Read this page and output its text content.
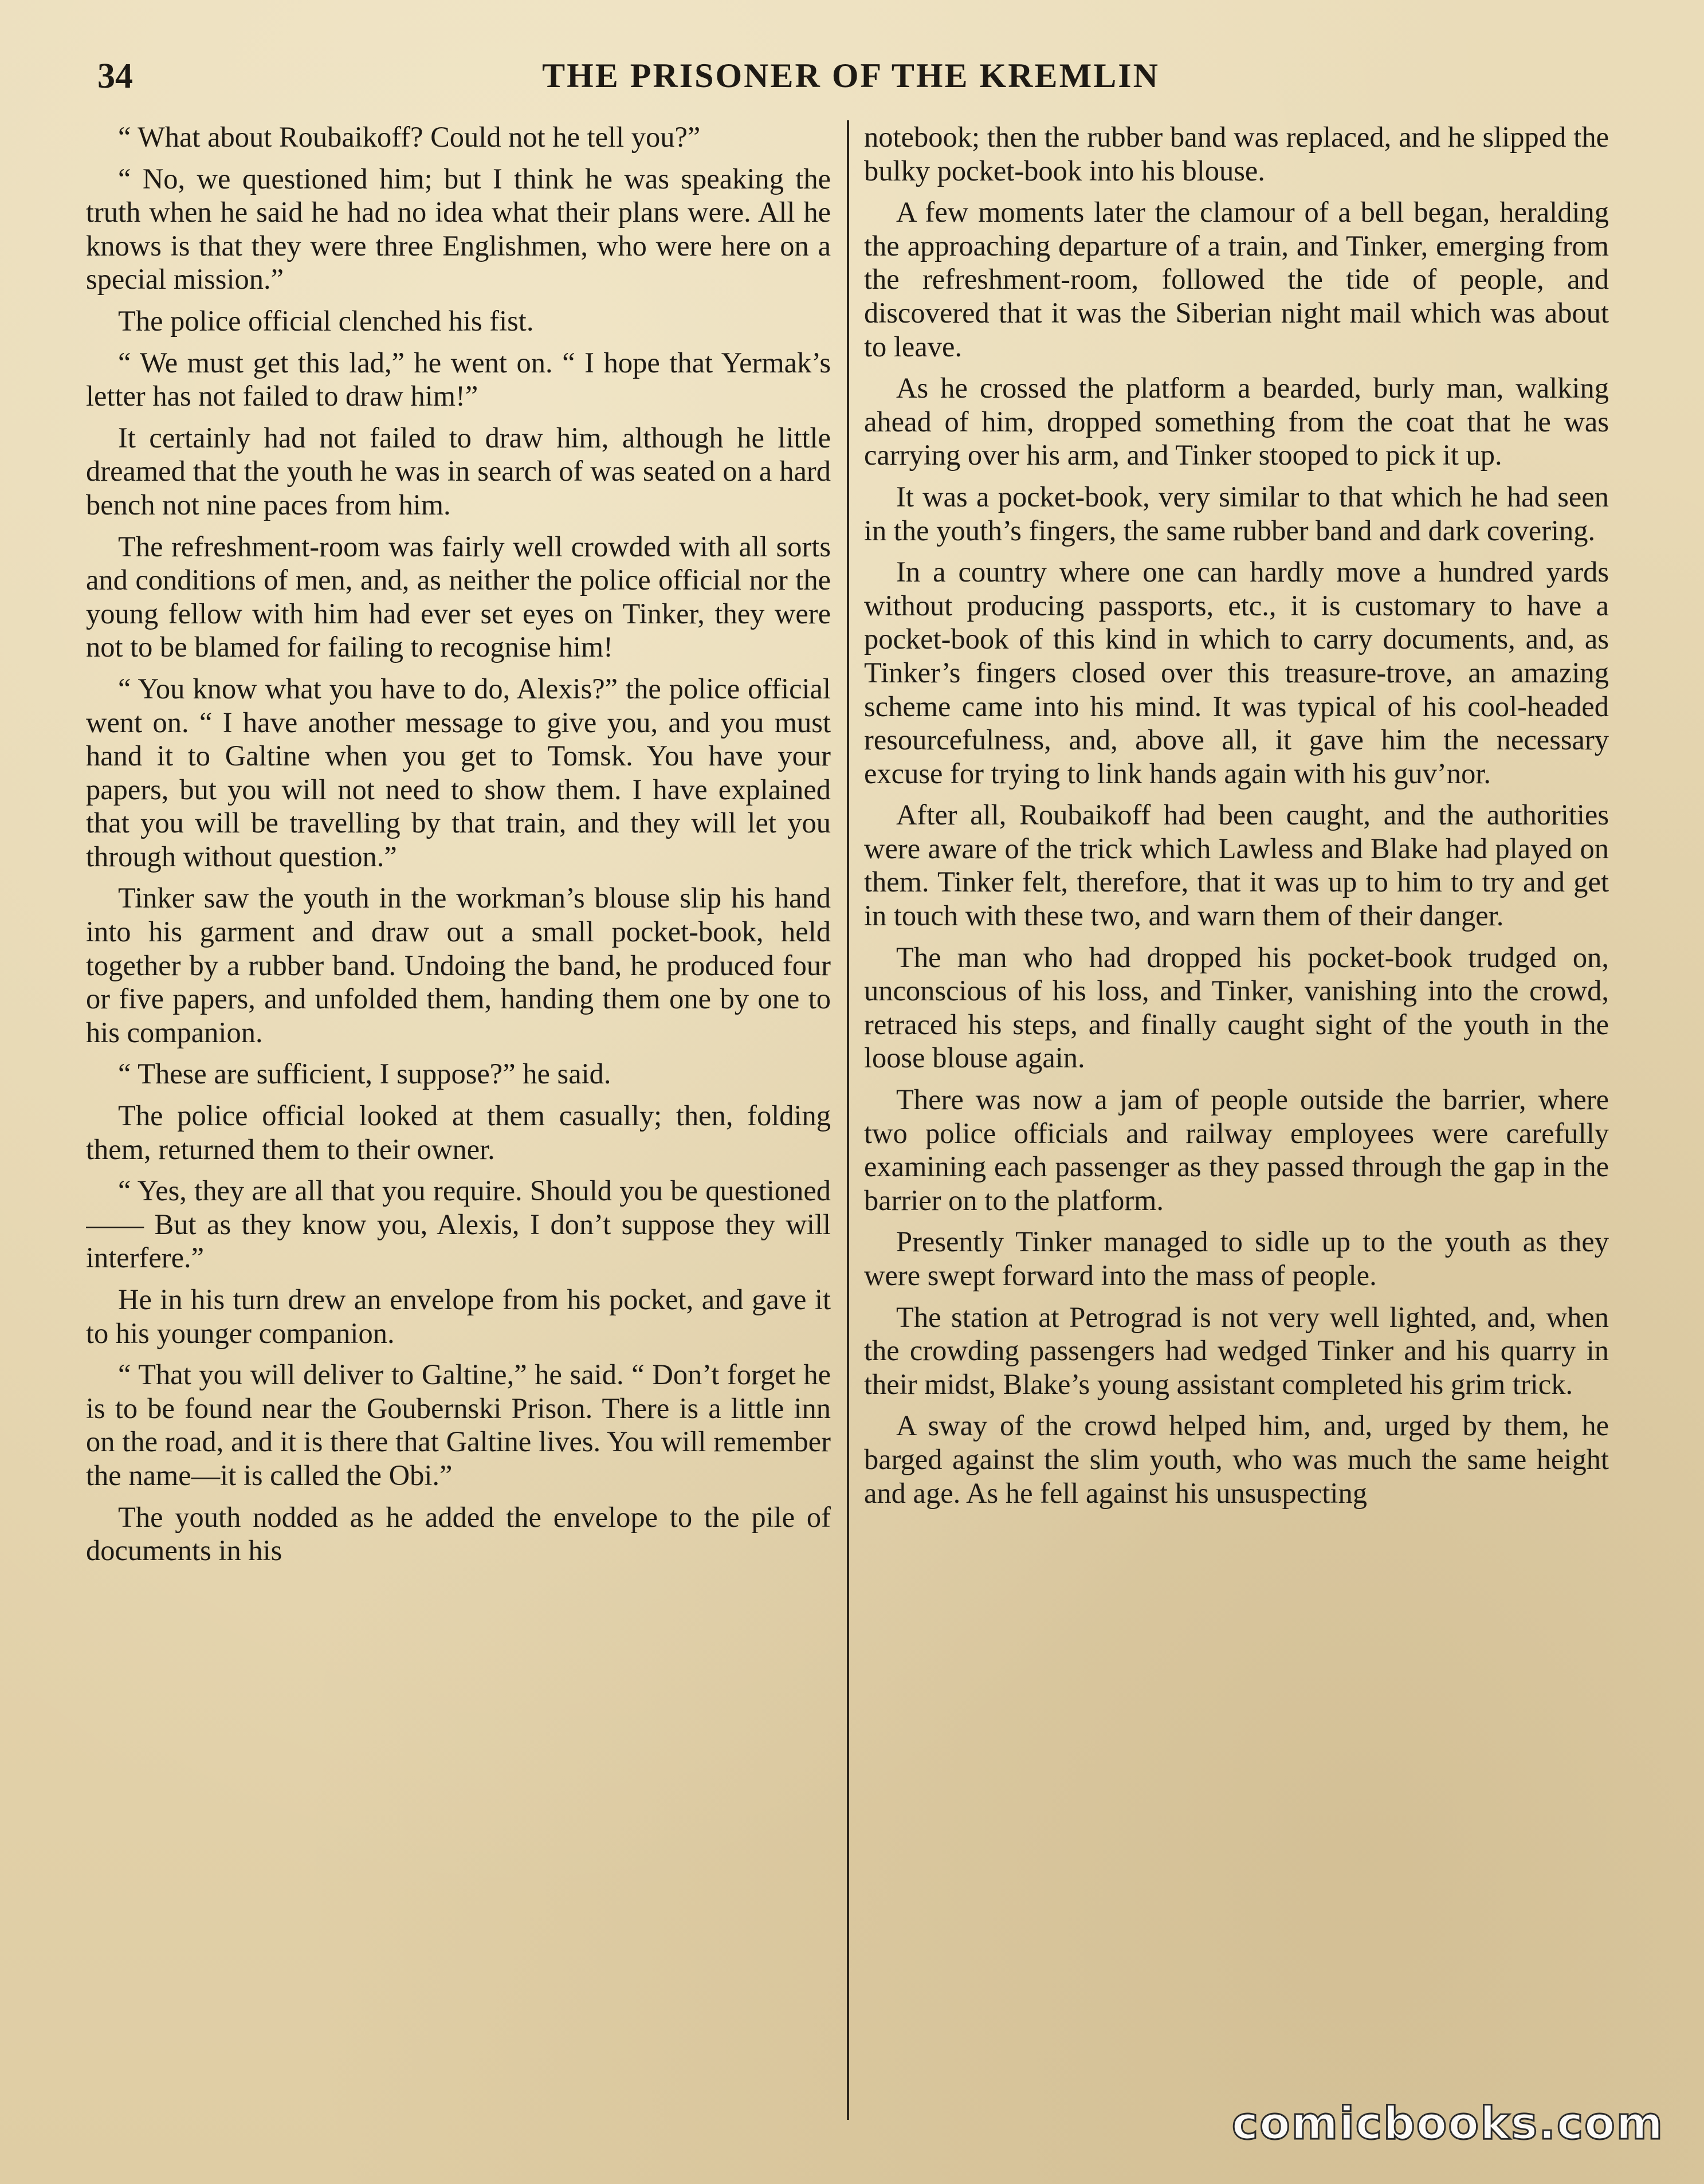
34	THE PRISONER OF THE KREMLIN

“ What about Roubaikoff? Could not he tell you?”

“ No, we questioned him; but I think he was speaking the truth when he said he had no idea what their plans were. All he knows is that they were three Englishmen, who were here on a special mission.”

The police official clenched his fist.

“ We must get this lad,” he went on. “ I hope that Yermak’s letter has not failed to draw him!”

It certainly had not failed to draw him, although he little dreamed that the youth he was in search of was seated on a hard bench not nine paces from him.

The refreshment-room was fairly well crowded with all sorts and conditions of men, and, as neither the police official nor the young fellow with him had ever set eyes on Tinker, they were not to be blamed for failing to recognise him!

“ You know what you have to do, Alexis?” the police official went on. “ I have another message to give you, and you must hand it to Galtine when you get to Tomsk. You have your papers, but you will not need to show them. I have explained that you will be travelling by that train, and they will let you through without question.”

Tinker saw the youth in the workman’s blouse slip his hand into his garment and draw out a small pocket-book, held together by a rubber band. Undoing the band, he produced four or five papers, and unfolded them, handing them one by one to his companion.

“ These are sufficient, I suppose?” he said.

The police official looked at them casually; then, folding them, returned them to their owner.

“ Yes, they are all that you require. Should you be questioned—— But as they know you, Alexis, I don’t suppose they will interfere.”

He in his turn drew an envelope from his pocket, and gave it to his younger companion.

“ That you will deliver to Galtine,” he said. “ Don’t forget he is to be found near the Goubernski Prison. There is a little inn on the road, and it is there that Galtine lives. You will remember the name—it is called the Obi.”

The youth nodded as he added the envelope to the pile of documents in his

notebook; then the rubber band was replaced, and he slipped the bulky pocket-book into his blouse.

A few moments later the clamour of a bell began, heralding the approaching departure of a train, and Tinker, emerging from the refreshment-room, followed the tide of people, and discovered that it was the Siberian night mail which was about to leave.

As he crossed the platform a bearded, burly man, walking ahead of him, dropped something from the coat that he was carrying over his arm, and Tinker stooped to pick it up.

It was a pocket-book, very similar to that which he had seen in the youth’s fingers, the same rubber band and dark covering.

In a country where one can hardly move a hundred yards without producing passports, etc., it is customary to have a pocket-book of this kind in which to carry documents, and, as Tinker’s fingers closed over this treasure-trove, an amazing scheme came into his mind. It was typical of his cool-headed resourcefulness, and, above all, it gave him the necessary excuse for trying to link hands again with his guv’nor.

After all, Roubaikoff had been caught, and the authorities were aware of the trick which Lawless and Blake had played on them. Tinker felt, therefore, that it was up to him to try and get in touch with these two, and warn them of their danger.

The man who had dropped his pocket-book trudged on, unconscious of his loss, and Tinker, vanishing into the crowd, retraced his steps, and finally caught sight of the youth in the loose blouse again.

There was now a jam of people outside the barrier, where two police officials and railway employees were carefully examining each passenger as they passed through the gap in the barrier on to the platform.

Presently Tinker managed to sidle up to the youth as they were swept forward into the mass of people.

The station at Petrograd is not very well lighted, and, when the crowding passengers had wedged Tinker and his quarry in their midst, Blake’s young assistant completed his grim trick.

A sway of the crowd helped him, and, urged by them, he barged against the slim youth, who was much the same height and age. As he fell against his unsuspecting

comicbooks.com
